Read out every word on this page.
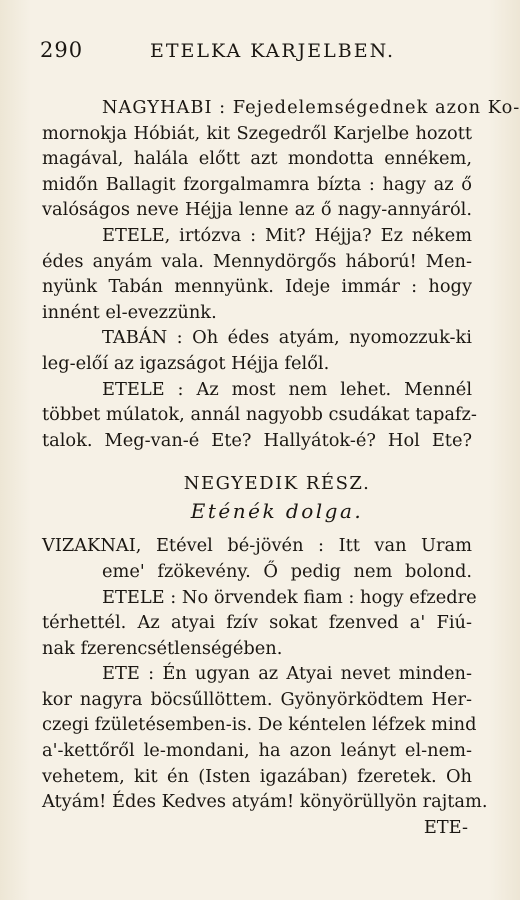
290	ETELKA KARJELBEN.
NAGYHABI : Fejedelemségednek azon Ko-
mornokja Hóbiát, kit Szegedről Karjelbe hozott
magával, halála előtt azt mondotta ennékem,
midőn Ballagit fzorgalmamra bízta : hagy az ő
valóságos neve Héjja lenne az ő nagy-annyáról.
ETELE, irtózva : Mit? Héjja? Ez nékem
édes anyám vala. Mennydörgős háború! Men-
nyünk Tabán mennyünk. Ideje immár : hogy
innént el-evezzünk.
TABÁN : Oh édes atyám, nyomozzuk-ki
leg-előí az igazságot Héjja felől.
ETELE : Az most nem lehet. Mennél
többet múlatok, annál nagyobb csudákat tapafz-
talok. Meg-van-é Ete? Hallyátok-é? Hol Ete?
NEGYEDIK RÉSZ.
Eténék dolga.
VIZAKNAI, Etével bé-jövén : Itt van Uram
eme' fzökevény. Ő pedig nem bolond.
ETELE : No örvendek fiam : hogy efzedre
térhettél. Az atyai fzív sokat fzenved a' Fiú-
nak fzerencsétlenségében.
ETE : Én ugyan az Atyai nevet minden-
kor nagyra böcsűllöttem. Gyönyörködtem Her-
czegi fzületésemben-is. De kéntelen léfzek mind
a'-kettőről le-mondani, ha azon leányt el-nem-
vehetem, kit én (Isten igazában) fzeretek. Oh
Atyám! Édes Kedves atyám! könyörüllyön rajtam.
ETE-
